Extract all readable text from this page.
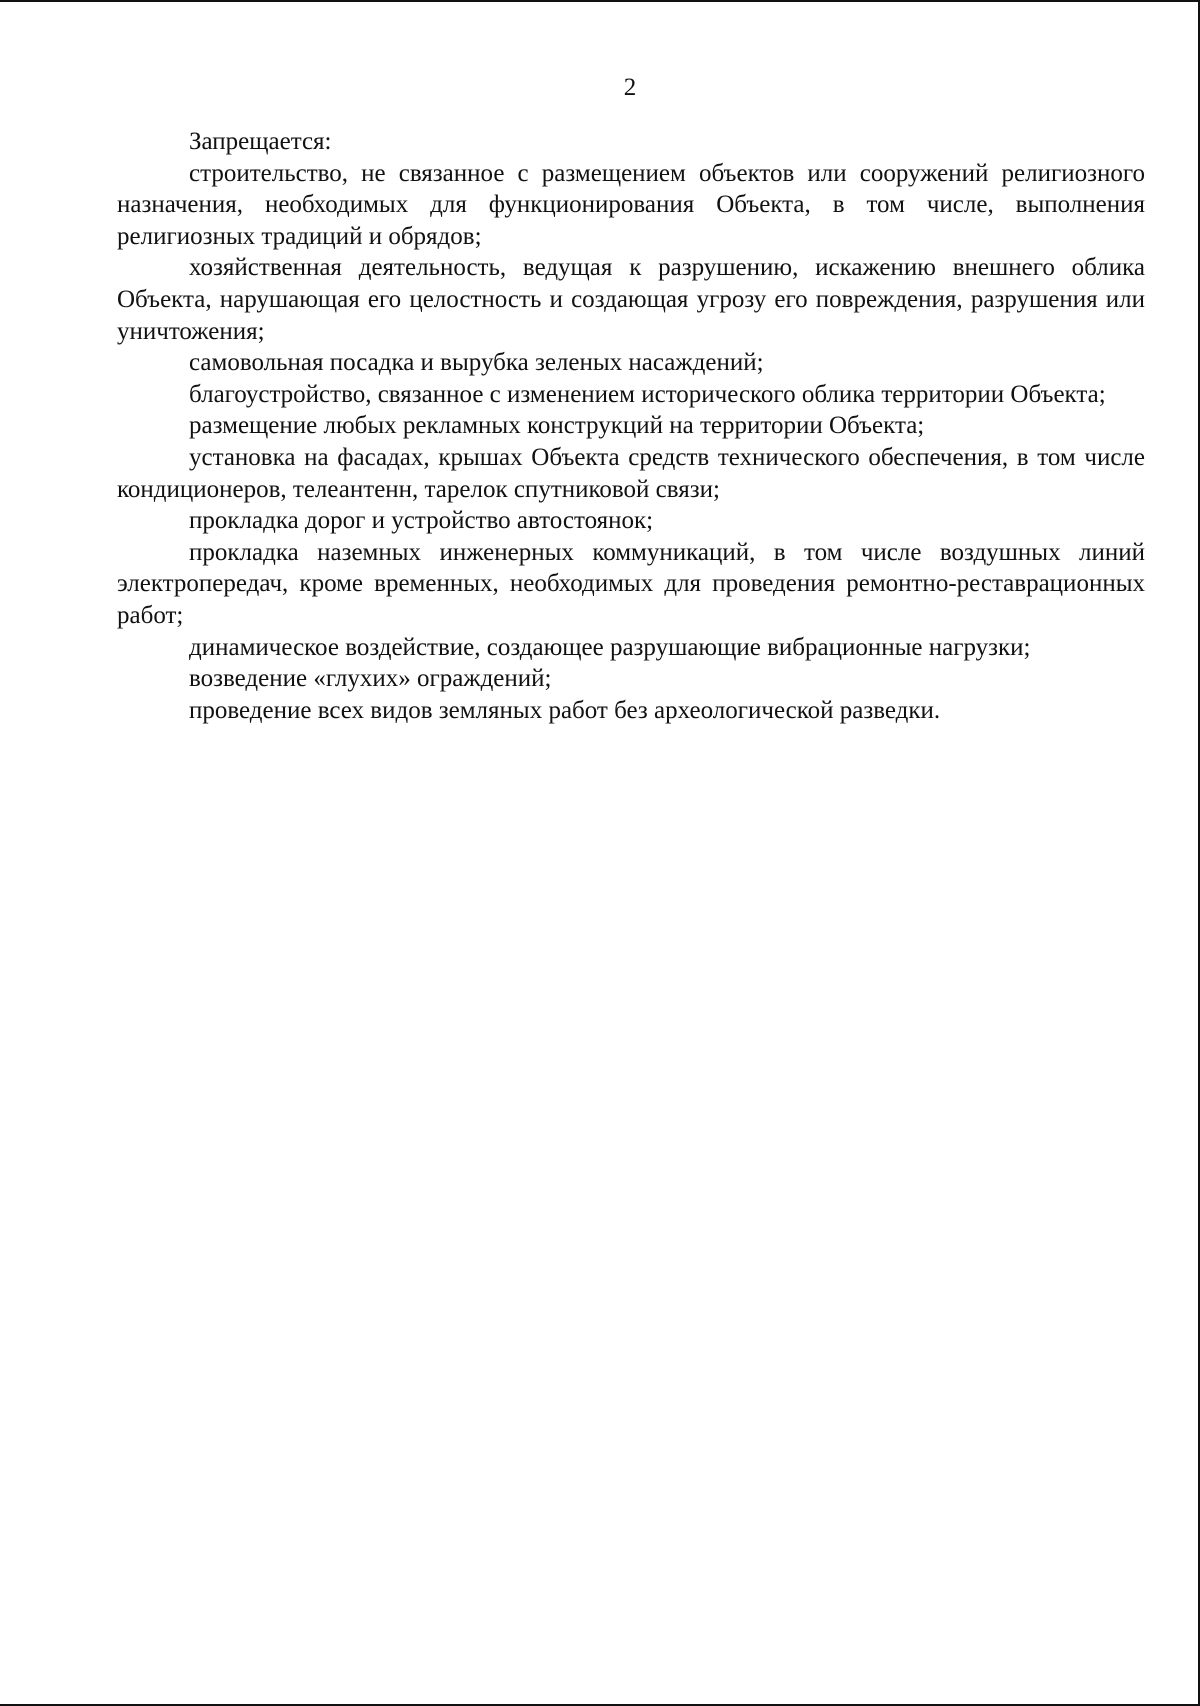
2

Запрещается:

строительство, не связанное с размещением объектов или сооружений религиозного назначения, необходимых для функционирования Объекта, в том числе, выполнения религиозных традиций и обрядов;

хозяйственная деятельность, ведущая к разрушению, искажению внешнего облика Объекта, нарушающая его целостность и создающая угрозу его повреждения, разрушения или уничтожения;

самовольная посадка и вырубка зеленых насаждений;

благоустройство, связанное с изменением исторического облика территории Объекта;

размещение любых рекламных конструкций на территории Объекта;

установка на фасадах, крышах Объекта средств технического обеспечения, в том числе кондиционеров, телеантенн, тарелок спутниковой связи;

прокладка дорог и устройство автостоянок;

прокладка наземных инженерных коммуникаций, в том числе воздушных линий электропередач, кроме временных, необходимых для проведения ремонтно-реставрационных работ;

динамическое воздействие, создающее разрушающие вибрационные нагрузки;

возведение «глухих» ограждений;

проведение всех видов земляных работ без археологической разведки.
